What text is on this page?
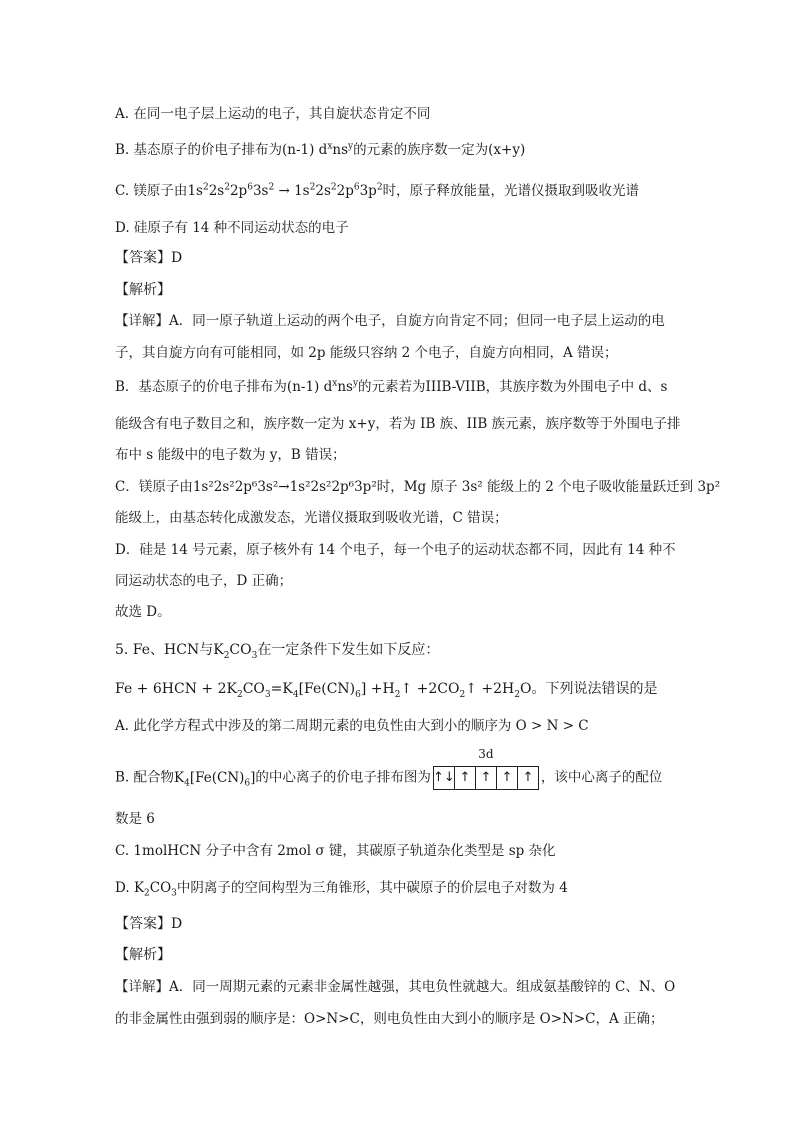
A. 在同一电子层上运动的电子，其自旋状态肯定不同
B. 基态原子的价电子排布为(n-1) $d^xns^y$的元素的族序数一定为(x+y)
C. 镁原子由$1s^22s^22p^63s^2 \to 1s^22s^22p^63p^2$时，原子释放能量，光谱仪摄取到吸收光谱
D. 硅原子有 14 种不同运动状态的电子
【答案】D
【解析】
【详解】A．同一原子轨道上运动的两个电子，自旋方向肯定不同；但同一电子层上运动的电
子，其自旋方向有可能相同，如 2p 能级只容纳 2 个电子，自旋方向相同，A 错误；
B．基态原子的价电子排布为(n-1) $d^xns^y$的元素若为IIIB-VIIB，其族序数为外围电子中 d、s
能级含有电子数目之和，族序数一定为 x+y，若为 IB 族、IIB 族元素，族序数等于外围电子排
布中 s 能级中的电子数为 y，B 错误；
C．镁原子由1s²2s²2p⁶3s²→1s²2s²2p⁶3p²时，Mg 原子 3s² 能级上的 2 个电子吸收能量跃迁到 3p²
能级上，由基态转化成激发态，光谱仪摄取到吸收光谱，C 错误；
D．硅是 14 号元素，原子核外有 14 个电子，每一个电子的运动状态都不同，因此有 14 种不
同运动状态的电子，D 正确；
故选 D。
5. Fe、HCN与$K_2CO_3$在一定条件下发生如下反应：
$Fe + 6HCN + 2K_2CO_3=K_4[Fe(CN)_6]$ $+H_2↑$ $+2CO_2↑ +2H_2O$。下列说法错误的是
A. 此化学方程式中涉及的第二周期元素的电负性由大到小的顺序为 O > N > C
B. 配合物$K_4[Fe(CN)_6]$的中心离子的价电子排布图为
3d
↑↓ ↑ ↑ ↑ ↑ ，该中心离子的配位
数是 6
C. 1molHCN 分子中含有 2mol σ 键，其碳原子轨道杂化类型是 sp 杂化
D. $K_2CO_3$中阴离子的空间构型为三角锥形，其中碳原子的价层电子对数为 4
【答案】D
【解析】
【详解】A．同一周期元素的元素非金属性越强，其电负性就越大。组成氨基酸锌的 C、N、O
的非金属性由强到弱的顺序是：O>N>C，则电负性由大到小的顺序是 O>N>C，A 正确；
